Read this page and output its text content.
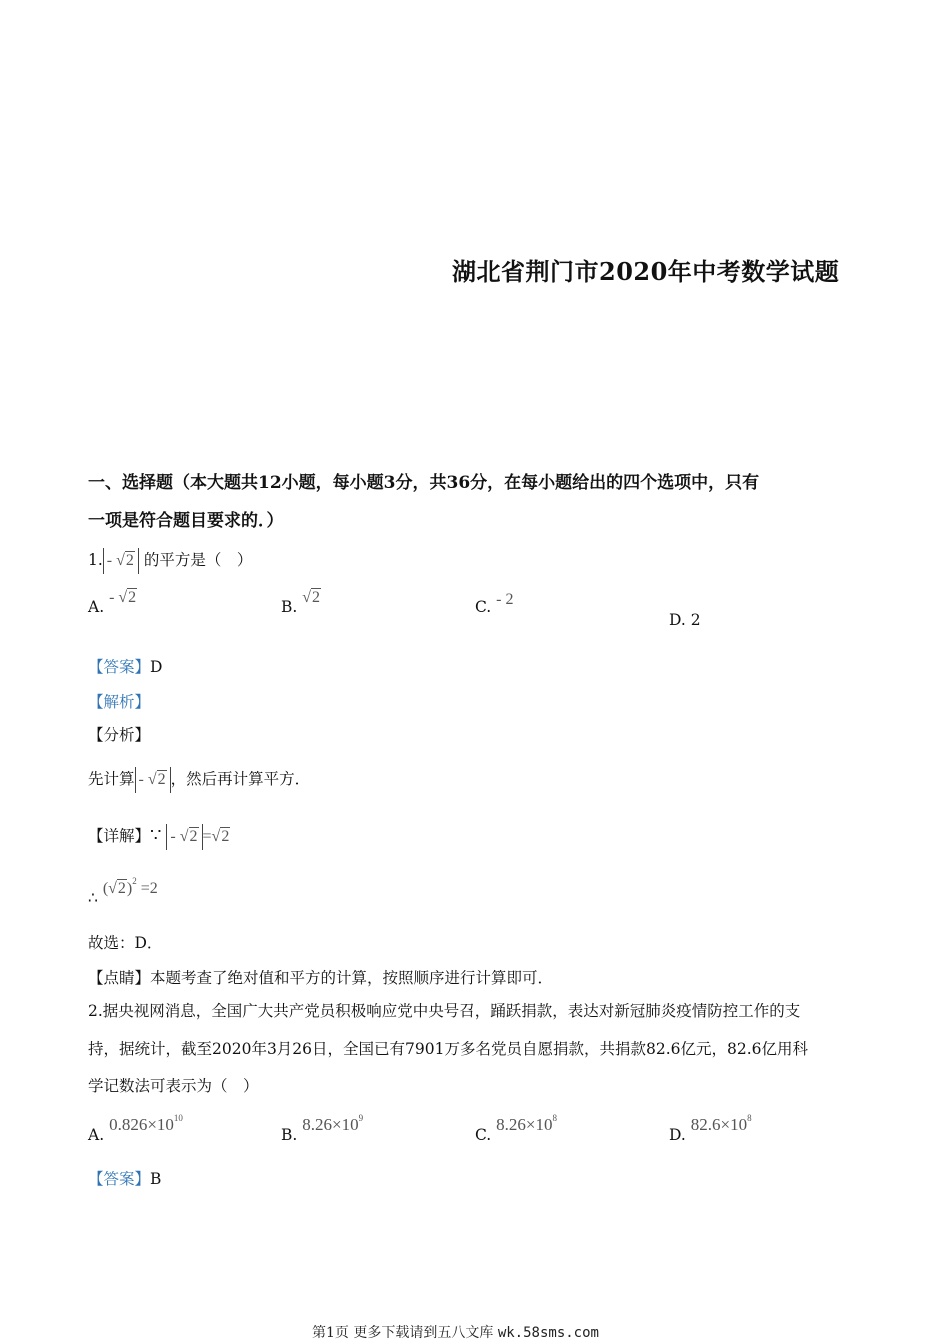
湖北省荆门市2020年中考数学试题
一、选择题（本大题共12小题，每小题3分，共36分，在每小题给出的四个选项中，只有
一项是符合题目要求的．）
1. - √2 的平方是（　）
A. - √2
B. √2
C. - 2
D. 2
【答案】D
【解析】
【分析】
先计算 - √2 ，然后再计算平方．
【详解】∵ - √2 =√2
∴ $(√2)^2 =2$
故选：D．
【点睛】本题考查了绝对值和平方的计算，按照顺序进行计算即可．
2.据央视网消息，全国广大共产党员积极响应党中央号召，踊跃捐款，表达对新冠肺炎疫情防控工作的支
持，据统计，截至2020年3月26日，全国已有7901万多名党员自愿捐款，共捐款82.6亿元，82.6亿用科
学记数法可表示为（　）
A. $0.826\times 10^{10}$
B. $8.26\times 10^9$
C. $8.26\times 10^8$
D. $82.6\times 10^8$
【答案】B
第1页 更多下载请到五八文库 wk.58sms.com
